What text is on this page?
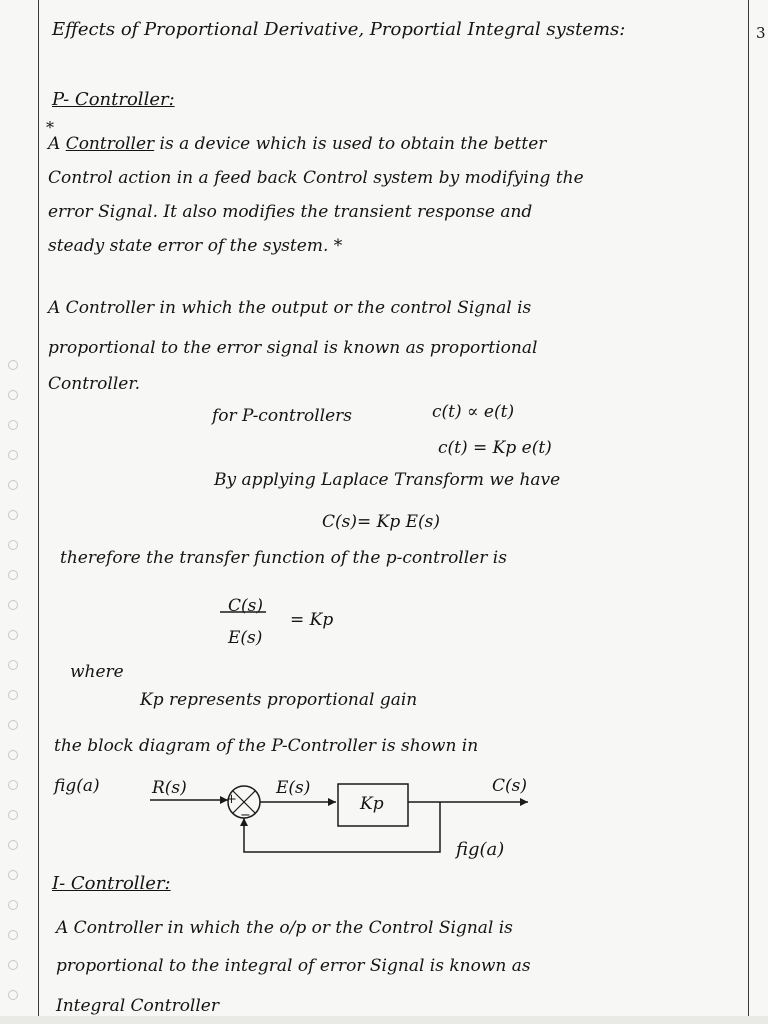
3
Effects of Proportional Derivative, Proportial Integral systems:
P- Controller:
*
A Controller is a device which is used to obtain the better
Control action in a feed back Control system by modifying the
error Signal. It also modifies the transient response and
steady state error of the system. *
A Controller in which the output or the control Signal is
proportional to the error signal is known as proportional
Controller.
for P-controllers	c(t) ∝ e(t)
c(t) = Kp e(t)
By applying Laplace Transform we have
C(s)= Kp E(s)
therefore the transfer function of the p-controller is
C(s)
E(s)
= Kp
where
Kp represents proportional gain
the block diagram of the P-Controller is shown in
fig(a)	R(s)	E(s)	C(s)
Kp
+
−
fig(a)
I- Controller:
A Controller in which the o/p or the Control Signal is
proportional to the integral of error Signal is known as
Integral Controller
